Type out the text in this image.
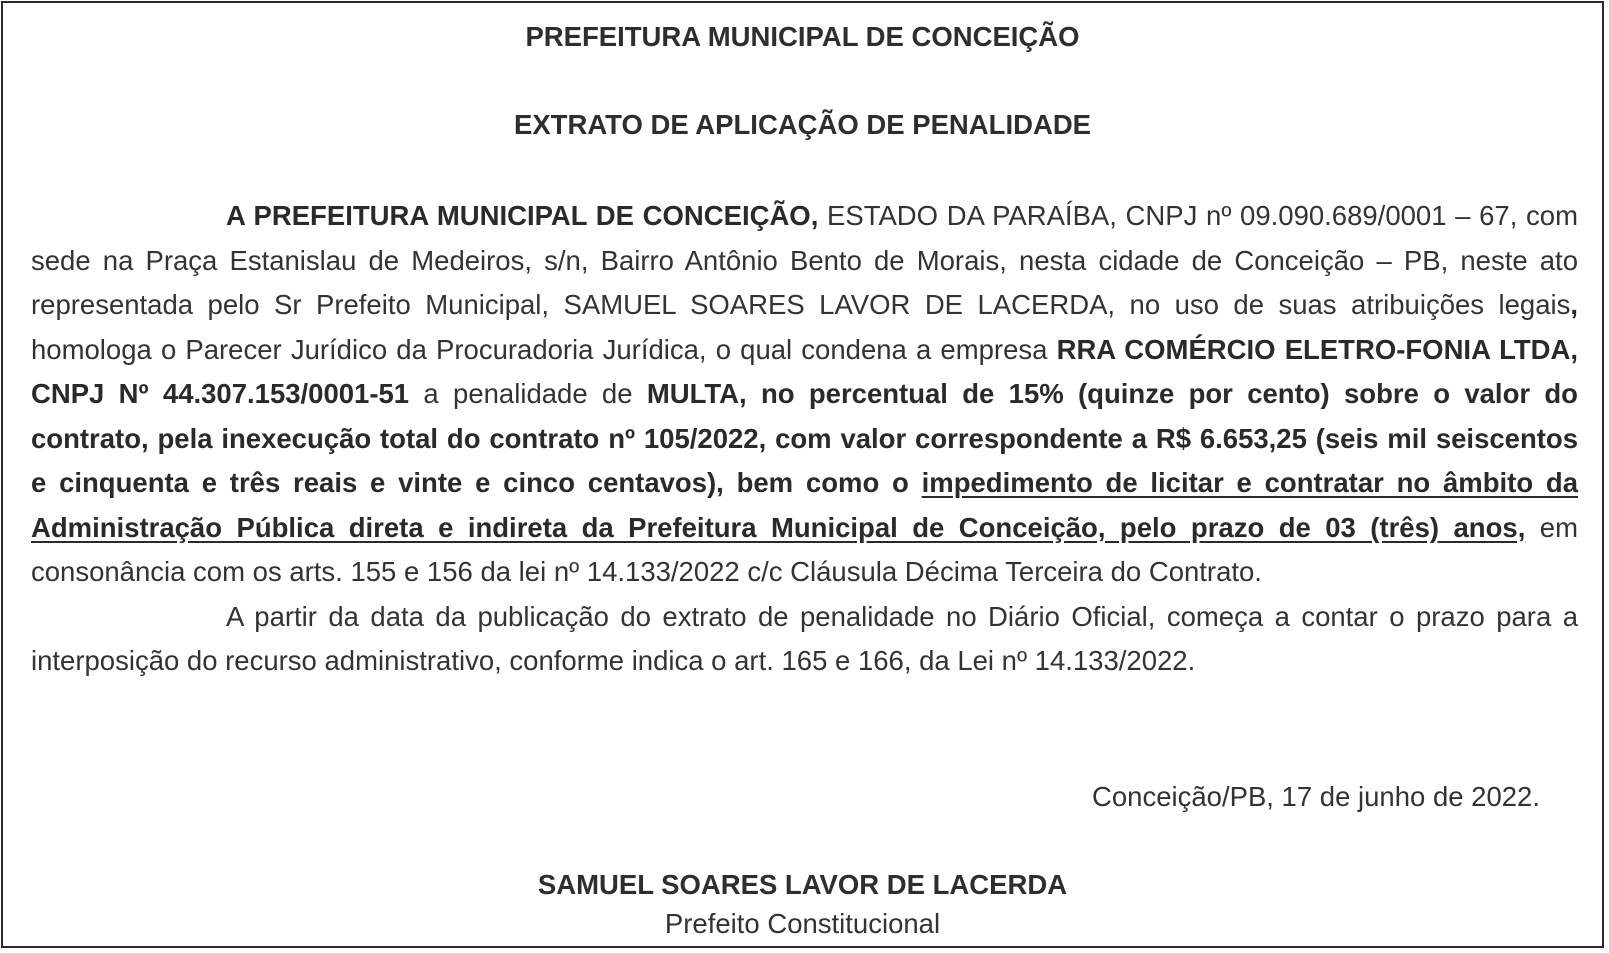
PREFEITURA MUNICIPAL DE CONCEIÇÃO
EXTRATO DE APLICAÇÃO DE PENALIDADE

A PREFEITURA MUNICIPAL DE CONCEIÇÃO, ESTADO DA PARAÍBA, CNPJ nº 09.090.689/0001 – 67, com sede na Praça Estanislau de Medeiros, s/n, Bairro Antônio Bento de Morais, nesta cidade de Conceição – PB, neste ato representada pelo Sr Prefeito Municipal, SAMUEL SOARES LAVOR DE LACERDA, no uso de suas atribuições legais, homologa o Parecer Jurídico da Procuradoria Jurídica, o qual condena a empresa RRA COMÉRCIO ELETRO-FONIA LTDA, CNPJ Nº 44.307.153/0001-51 a penalidade de MULTA, no percentual de 15% (quinze por cento) sobre o valor do contrato, pela inexecução total do contrato nº 105/2022, com valor correspondente a R$ 6.653,25 (seis mil seiscentos e cinquenta e três reais e vinte e cinco centavos), bem como o impedimento de licitar e contratar no âmbito da Administração Pública direta e indireta da Prefeitura Municipal de Conceição, pelo prazo de 03 (três) anos, em consonância com os arts. 155 e 156 da lei nº 14.133/2022 c/c Cláusula Décima Terceira do Contrato.

A partir da data da publicação do extrato de penalidade no Diário Oficial, começa a contar o prazo para a interposição do recurso administrativo, conforme indica o art. 165 e 166, da Lei nº 14.133/2022.

Conceição/PB, 17 de junho de 2022.

SAMUEL SOARES LAVOR DE LACERDA

Prefeito Constitucional
